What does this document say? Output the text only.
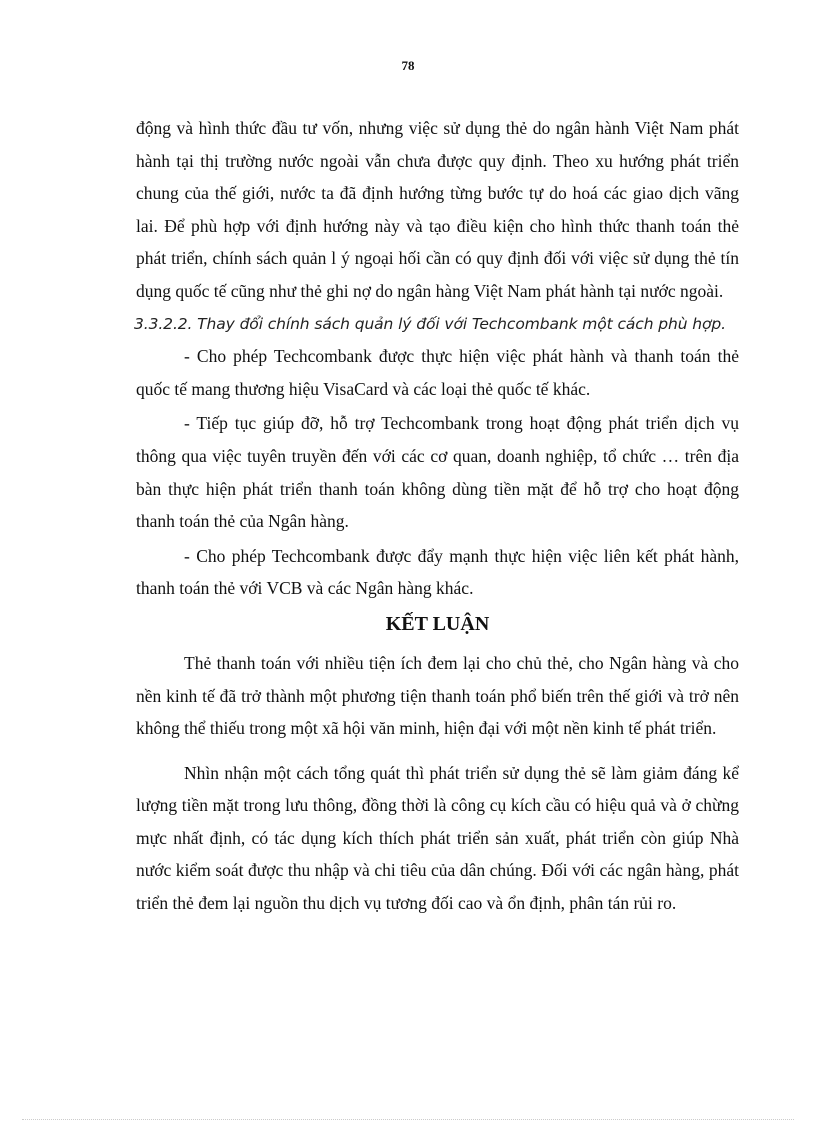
78

động và hình thức đầu tư vốn, nhưng việc sử dụng thẻ do ngân hành Việt Nam phát hành tại thị trường nước ngoài vẫn chưa được quy định. Theo xu hướng phát triển chung của thế giới, nước ta đã định hướng từng bước tự do hoá các giao dịch vãng lai. Để phù hợp với định hướng này và tạo điều kiện cho hình thức thanh toán thẻ phát triển, chính sách quản l ý ngoại hối cần có quy định đối với việc sử dụng thẻ tín dụng quốc tế cũng như thẻ ghi nợ do ngân hàng Việt Nam phát hành tại nước ngoài.

3.3.2.2. Thay đổi chính sách quản lý đối với Techcombank một cách phù hợp.

- Cho phép Techcombank được thực hiện việc phát hành và thanh toán thẻ quốc tế mang thương hiệu VisaCard và các loại thẻ quốc tế khác.

- Tiếp tục giúp đỡ, hỗ trợ Techcombank trong hoạt động phát triển dịch vụ thông qua việc tuyên truyền đến với các cơ quan, doanh nghiệp, tổ chức … trên địa bàn thực hiện phát triển thanh toán không dùng tiền mặt để hỗ trợ cho hoạt động thanh toán thẻ của Ngân hàng.

- Cho phép Techcombank được đẩy mạnh thực hiện việc liên kết phát hành, thanh toán thẻ với VCB và các Ngân hàng khác.

KẾT LUẬN

Thẻ thanh toán với nhiều tiện ích đem lại cho chủ thẻ, cho Ngân hàng và cho nền kinh tế đã trở thành một phương tiện thanh toán phổ biến trên thế giới và trở nên không thể thiếu trong một xã hội văn minh, hiện đại với một nền kinh tế phát triển.

Nhìn nhận một cách tổng quát thì phát triển sử dụng thẻ sẽ làm giảm đáng kể lượng tiền mặt trong lưu thông, đồng thời là công cụ kích cầu có hiệu quả và ở chừng mực nhất định, có tác dụng kích thích phát triển sản xuất, phát triển còn giúp Nhà nước kiểm soát được thu nhập và chi tiêu của dân chúng. Đối với các ngân hàng, phát triển thẻ đem lại nguồn thu dịch vụ tương đối cao và ổn định, phân tán rủi ro.
